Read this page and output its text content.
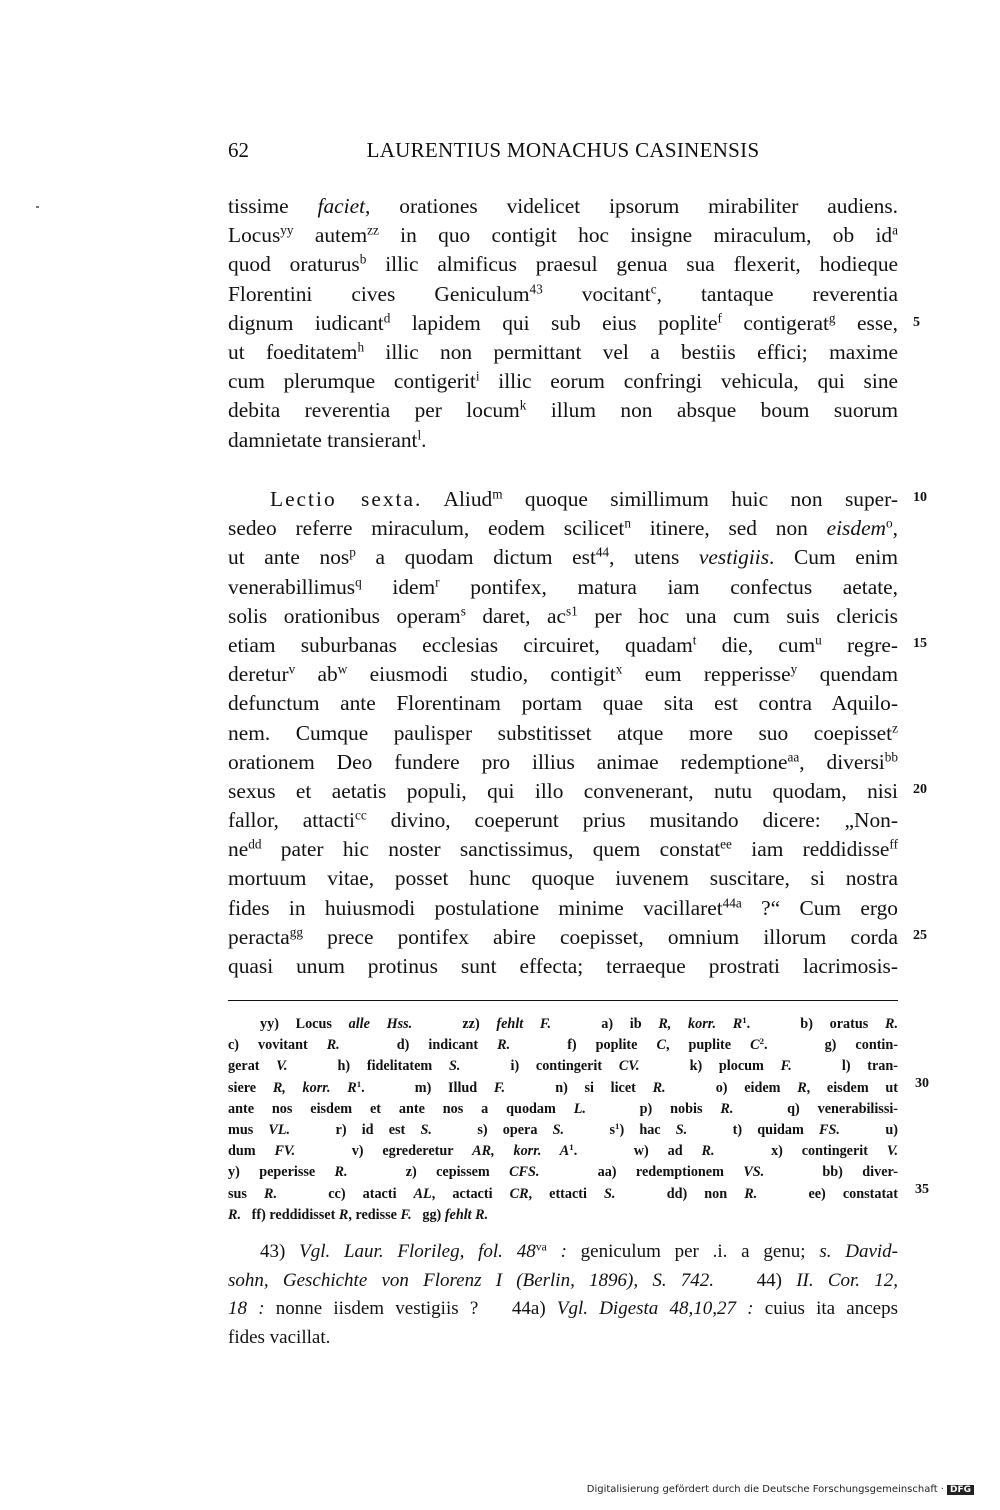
62	LAURENTIUS MONACHUS CASINENSIS
tissime faciet, orationes videlicet ipsorum mirabiliter audiens.
Locus$^{yy}$ autem$^{zz}$ in quo contigit hoc insigne miraculum, ob $id^a$
quod oraturus$^b$ illic almificus praesul genua sua flexerit, hodieque
Florentini cives Geniculum$^{43}$ vocitant$^c$, tantaque reverentia
dignum iudicant$^d$ lapidem qui sub eius poplite$^f$ contigerat$^g$ esse,
ut foeditatem$^h$ illic non permittant vel a bestiis effici; maxime
cum plerumque contigerit$^i$ illic eorum confringi vehicula, qui sine
debita reverentia per locum$^k$ illum non absque boum suorum
damnietate transierant$^l$.
5
Lectio sexta. Aliud$^m$ quoque simillimum huic non super-
sedeo referre miraculum, eodem scilicet$^n$ itinere, sed non eisdem$^o$,
ut ante nos$^p$ a quodam dictum est$^{44}$, utens vestigiis. Cum enim
venerabillimus$^q$ idem$^r$ pontifex, matura iam confectus aetate,
solis orationibus operam$^s$ daret, $ac^{s1}$ per hoc una cum suis clericis
etiam suburbanas ecclesias circuiret, quadam$^t$ die, cum$^u$ regre-
deretur$^v$ $ab^w$ eiusmodi studio, contigit$^x$ eum repperisse$^y$ quendam
defunctum ante Florentinam portam quae sita est contra Aquilo-
nem. Cumque paulisper substitisset atque more suo coepisset$^z$
orationem Deo fundere pro illius animae redemptione$^{aa}$, diversi$^{bb}$
sexus et aetatis populi, qui illo convenerant, nutu quodam, nisi
fallor, attacti$^{cc}$ divino, coeperunt prius musitando dicere: „Non-
$ne^{dd}$ pater hic noster sanctissimus, quem constat$^{ee}$ iam reddidisse$^{ff}$
mortuum vitae, posset hunc quoque iuvenem suscitare, si nostra
fides in huiusmodi postulatione minime vacillaret$^{44a}$ ?“ Cum ergo
peracta$^{gg}$ prece pontifex abire coepisset, omnium illorum corda
quasi unum protinus sunt effecta; terraeque prostrati lacrimosis-
10
15
20
25
yy) Locus alle Hss.   zz) fehlt F.   a) ib R, korr. $R^1$.   b) oratus R.
c) vovitant R.   d) indicant R.   f) poplite C, puplite $C^2$.   g) contin-
gerat V.   h) fidelitatem S.   i) contingerit CV.   k) plocum F.   l) tran-
siere R, korr. $R^1$.   m) Illud F.   n) si licet R.   o) eidem R, eisdem ut
ante nos eisdem et ante nos a quodam L.   p) nobis R.   q) venerabilissi-
mus VL.   r) id est S.   s) opera S.   $s^1$) hac S.   t) quidam FS.   u)
dum FV.   v) egrederetur AR, korr. $A^1$.   w) ad R.   x) contingerit V.
y) peperisse R.   z) cepissem CFS.   aa) redemptionem VS.   bb) diver-
sus R.   cc) atacti AL, actacti CR, ettacti S.   dd) non R.   ee) constatat
R.   ff) reddidisset R, redisse F.   gg) fehlt R.
30
35
43) Vgl. Laur. Florileg, fol. $48^{va}$ : geniculum per .i. a genu; s. David-
sohn, Geschichte von Florenz I (Berlin, 1896), S. 742.   44) II. Cor. 12,
18 : nonne iisdem vestigiis ?   44a) Vgl. Digesta 48,10,27 : cuius ita anceps
fides vacillat.
Digitalisierung gefördert durch die Deutsche Forschungsgemeinschaft · DFG
